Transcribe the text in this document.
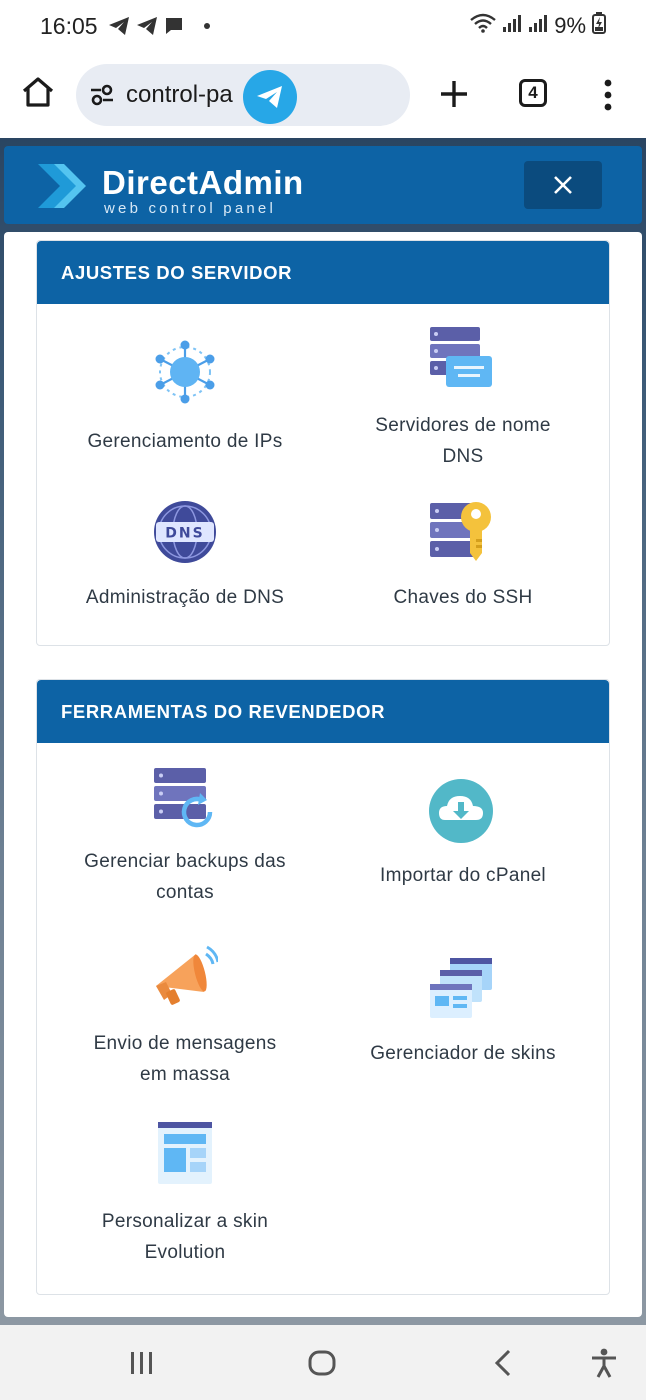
16:05	9%
control-pa	4
DirectAdmin
web control panel
AJUSTES DO SERVIDOR
Gerenciamento de IPs
Servidores de nome
DNS
DNS
Administração de DNS	Chaves do SSH
FERRAMENTAS DO REVENDEDOR
Gerenciar backups das
contas
Importar do cPanel
Envio de mensagens
em massa
Gerenciador de skins
Personalizar a skin
Evolution
